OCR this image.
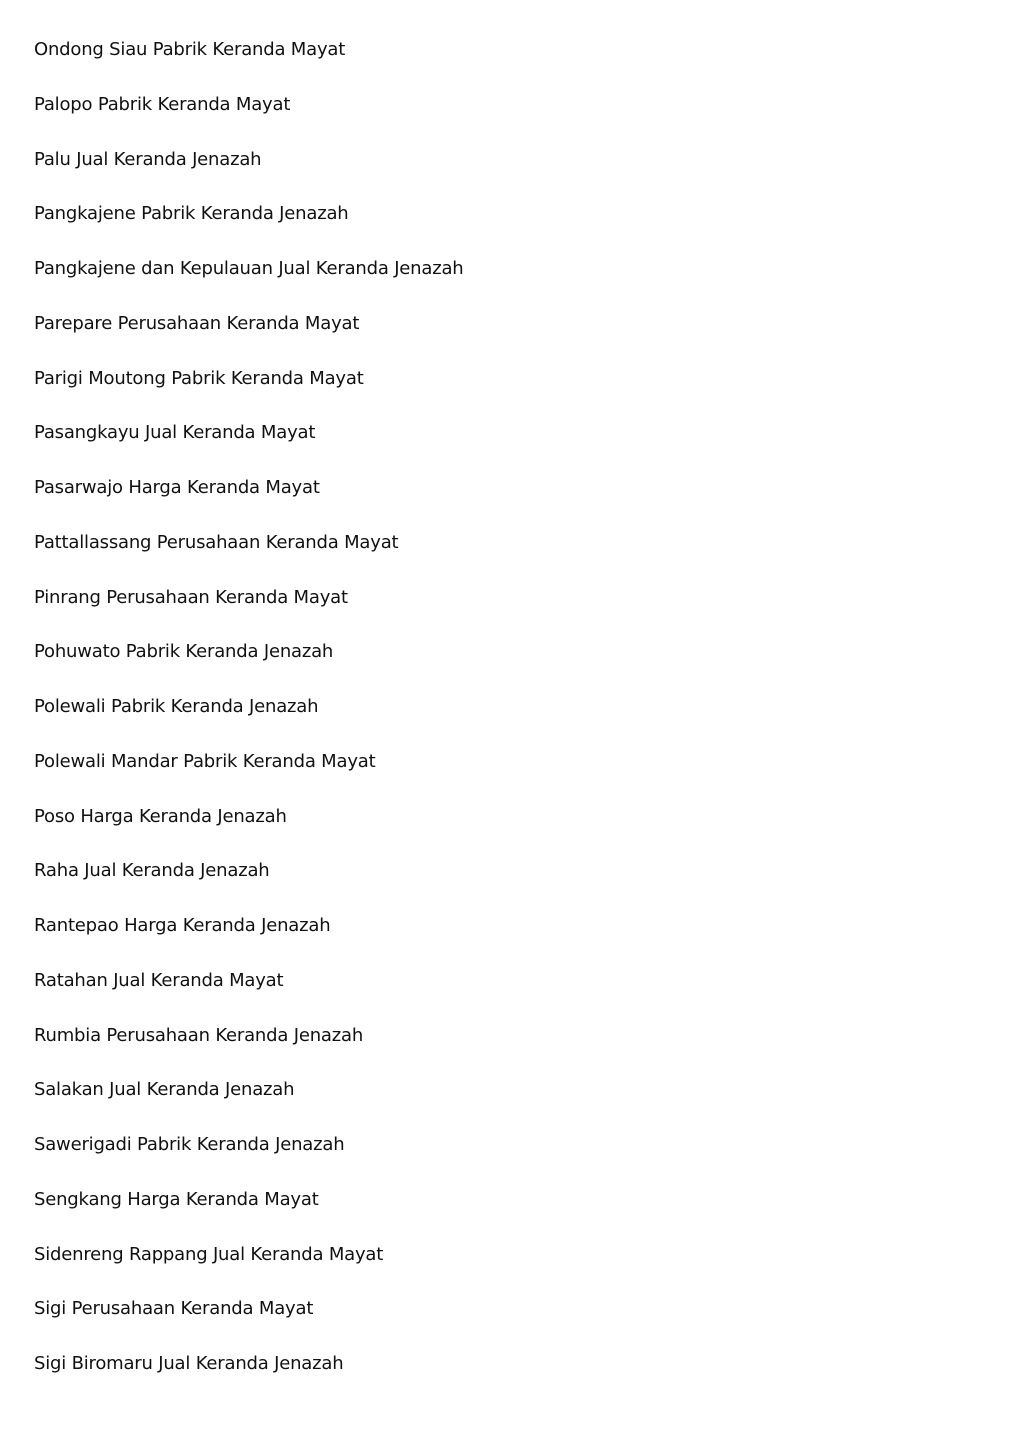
Ondong Siau Pabrik Keranda Mayat
Palopo Pabrik Keranda Mayat
Palu Jual Keranda Jenazah
Pangkajene Pabrik Keranda Jenazah
Pangkajene dan Kepulauan Jual Keranda Jenazah
Parepare Perusahaan Keranda Mayat
Parigi Moutong Pabrik Keranda Mayat
Pasangkayu Jual Keranda Mayat
Pasarwajo Harga Keranda Mayat
Pattallassang Perusahaan Keranda Mayat
Pinrang Perusahaan Keranda Mayat
Pohuwato Pabrik Keranda Jenazah
Polewali Pabrik Keranda Jenazah
Polewali Mandar Pabrik Keranda Mayat
Poso Harga Keranda Jenazah
Raha Jual Keranda Jenazah
Rantepao Harga Keranda Jenazah
Ratahan Jual Keranda Mayat
Rumbia Perusahaan Keranda Jenazah
Salakan Jual Keranda Jenazah
Sawerigadi Pabrik Keranda Jenazah
Sengkang Harga Keranda Mayat
Sidenreng Rappang Jual Keranda Mayat
Sigi Perusahaan Keranda Mayat
Sigi Biromaru Jual Keranda Jenazah
